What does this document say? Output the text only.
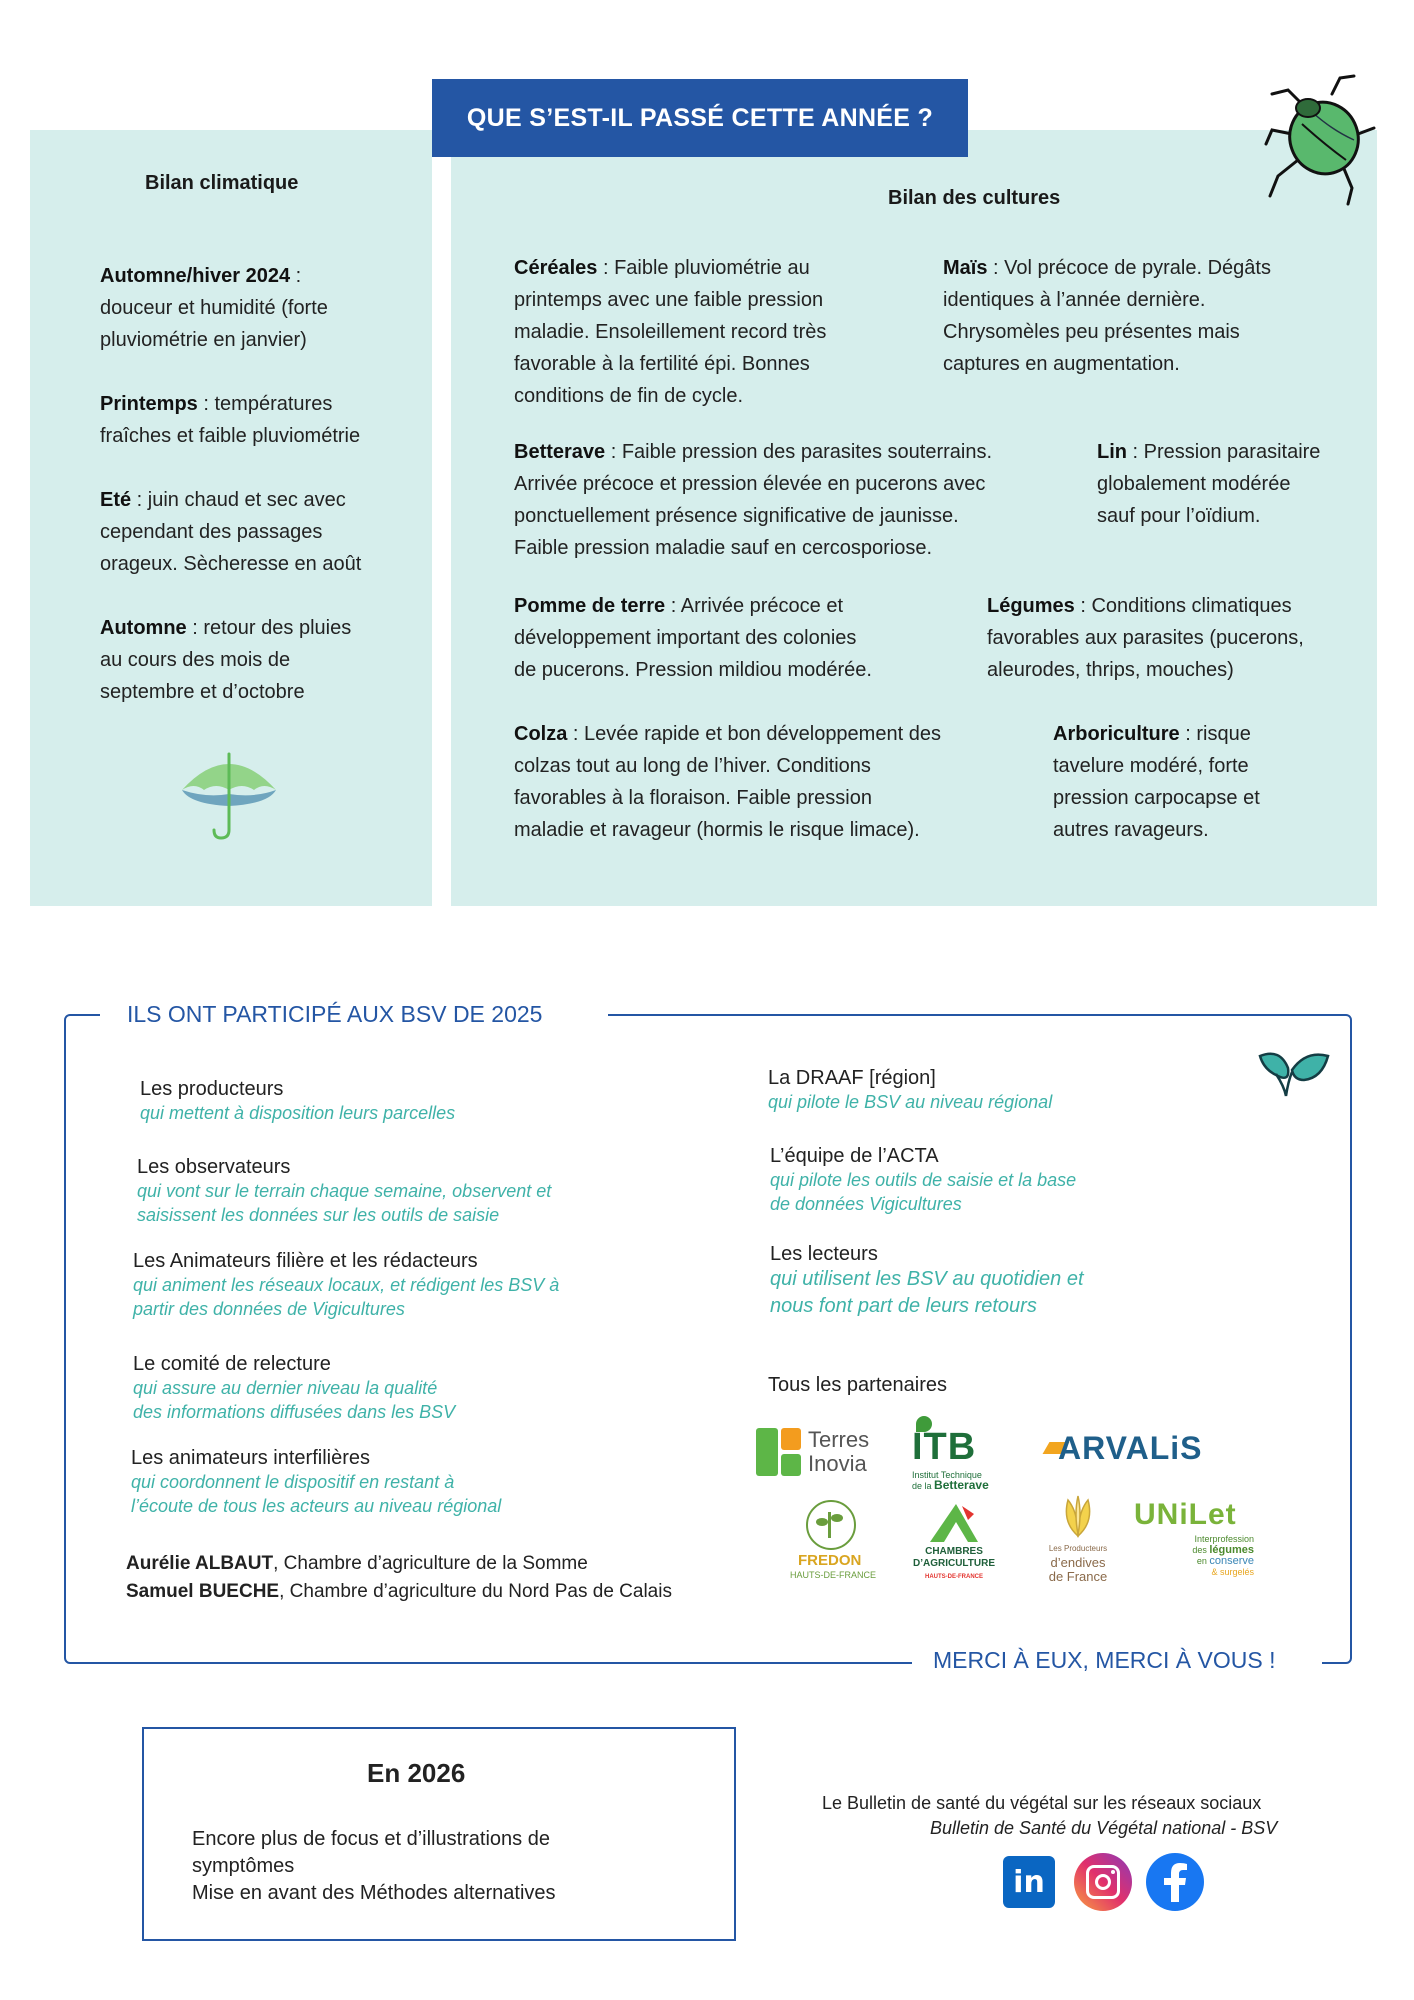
QUE S’EST-IL PASSÉ CETTE ANNÉE ?
Bilan climatique
Automne/hiver 2024 :
douceur et humidité (forte
pluviométrie en janvier)
Printemps : températures
fraîches et faible pluviométrie
Eté : juin chaud et sec avec
cependant des passages
orageux. Sècheresse en août
Automne : retour des pluies
au cours des mois de
septembre et d’octobre
Bilan des cultures
Céréales : Faible pluviométrie au
printemps avec une faible pression
maladie. Ensoleillement record très
favorable à la fertilité épi. Bonnes
conditions de fin de cycle.
Maïs : Vol précoce de pyrale. Dégâts
identiques à l’année dernière.
Chrysomèles peu présentes mais
captures en augmentation.
Betterave : Faible pression des parasites souterrains.
Arrivée précoce et pression élevée en pucerons avec
ponctuellement présence significative de jaunisse.
Faible pression maladie sauf en cercosporiose.
Lin : Pression parasitaire
globalement modérée
sauf pour l’oïdium.
Pomme de terre : Arrivée précoce et
développement important des colonies
de pucerons. Pression mildiou modérée.
Légumes : Conditions climatiques
favorables aux parasites (pucerons,
aleurodes, thrips, mouches)
Colza : Levée rapide et bon développement des
colzas tout au long de l’hiver. Conditions
favorables à la floraison. Faible pression
maladie et ravageur (hormis le risque limace).
Arboriculture : risque
tavelure modéré, forte
pression carpocapse et
autres ravageurs.
ILS ONT PARTICIPÉ AUX BSV DE 2025
MERCI À EUX, MERCI À VOUS !
Les producteurs
qui mettent à disposition leurs parcelles
Les observateurs
qui vont sur le terrain chaque semaine, observent et
saisissent les données sur les outils de saisie
Les Animateurs filière et les rédacteurs
qui animent les réseaux locaux, et rédigent les BSV à
partir des données de Vigicultures
Le comité de relecture
qui assure au dernier niveau la qualité
des informations diffusées dans les BSV
Les animateurs interfilières
qui coordonnent le dispositif en restant à
l’écoute de tous les acteurs au niveau régional
Aurélie ALBAUT, Chambre d’agriculture de la Somme
Samuel BUECHE, Chambre d’agriculture du Nord Pas de Calais
La DRAAF [région]
qui pilote le BSV au niveau régional
L’équipe de l’ACTA
qui pilote les outils de saisie et la base
de données Vigicultures
Les lecteurs
qui utilisent les BSV au quotidien et
nous font part de leurs retours
Tous les partenaires
Terres
Inovia ITB
Institut Technique
de la Betterave
ARVALiS
FREDON
HAUTS-DE-FRANCE
CHAMBRES
D’AGRICULTURE
HAUTS-DE-FRANCE
Les Producteurs
d’endives
de France
UNiLet
Interprofession
des légumes
en conserve
& surgelés
En 2026
Encore plus de focus et d’illustrations de
symptômes
Mise en avant des Méthodes alternatives
Le Bulletin de santé du végétal sur les réseaux sociaux
Bulletin de Santé du Végétal national - BSV
in
